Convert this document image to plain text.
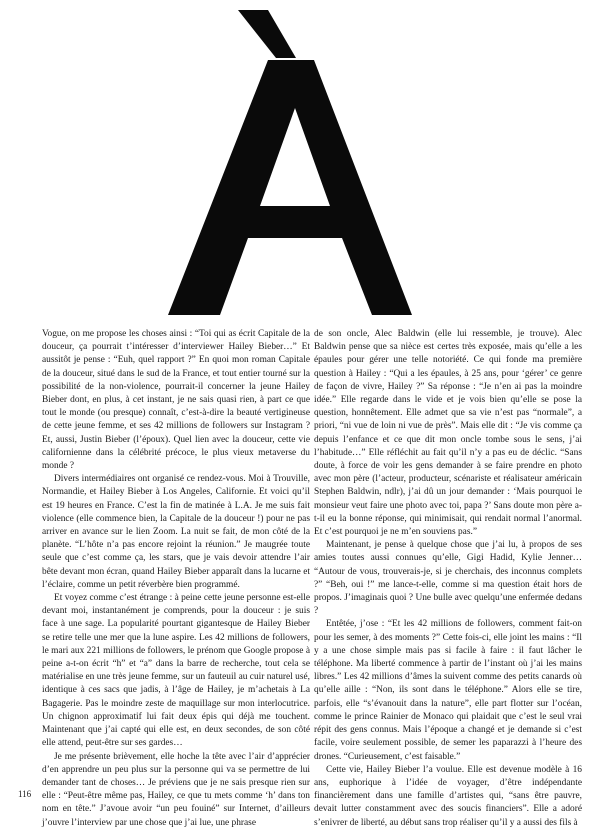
Vogue, on me propose les choses ainsi : “Toi qui as écrit Capitale de la douceur, ça pourrait t’intéresser d’interviewer Hailey Bieber…” Et aussitôt je pense : “Euh, quel rapport ?” En quoi mon roman Capitale de la douceur, situé dans le sud de la France, et tout entier tourné sur la possibilité de la non-violence, pourrait-il concerner la jeune Hailey Bieber dont, en plus, à cet instant, je ne sais quasi rien, à part ce que tout le monde (ou presque) connaît, c’est-à-dire la beauté vertigineuse de cette jeune femme, et ses 42 millions de followers sur Instagram ? Et, aussi, Justin Bieber (l’époux). Quel lien avec la douceur, cette vie californienne dans la célébrité précoce, le plus vieux metaverse du monde ?

Divers intermédiaires ont organisé ce rendez-vous. Moi à Trouville, Normandie, et Hailey Bieber à Los Angeles, Californie. Et voici qu’il est 19 heures en France. C’est la fin de matinée à L.A. Je me suis fait violence (elle commence bien, la Capitale de la douceur !) pour ne pas arriver en avance sur le lien Zoom. La nuit se fait, de mon côté de la planète. “L’hôte n’a pas encore rejoint la réunion.” Je maugrée toute seule que c’est comme ça, les stars, que je vais devoir attendre l’air bête devant mon écran, quand Hailey Bieber apparaît dans la lucarne et l’éclaire, comme un petit réverbère bien programmé.

Et voyez comme c’est étrange : à peine cette jeune personne est-elle devant moi, instantanément je comprends, pour la douceur : je suis face à une sage. La popularité pourtant gigantesque de Hailey Bieber se retire telle une mer que la lune aspire. Les 42 millions de followers, le mari aux 221 millions de followers, le prénom que Google propose à peine a-t-on écrit “h” et “a” dans la barre de recherche, tout cela se matérialise en une très jeune femme, sur un fauteuil au cuir naturel usé, identique à ces sacs que jadis, à l’âge de Hailey, je m’achetais à La Bagagerie. Pas le moindre zeste de maquillage sur mon interlocutrice. Un chignon approximatif lui fait deux épis qui déjà me touchent. Maintenant que j’ai capté qui elle est, en deux secondes, de son côté elle attend, peut-être sur ses gardes…

Je me présente brièvement, elle hoche la tête avec l’air d’apprécier d’en apprendre un peu plus sur la personne qui va se permettre de lui demander tant de choses… Je préviens que je ne sais presque rien sur elle : “Peut-être même pas, Hailey, ce que tu mets comme ‘h’ dans ton nom en tête.” J’avoue avoir “un peu fouiné” sur Internet, d’ailleurs j’ouvre l’interview par une chose que j’ai lue, une phrase

de son oncle, Alec Baldwin (elle lui ressemble, je trouve). Alec Baldwin pense que sa nièce est certes très exposée, mais qu’elle a les épaules pour gérer une telle notoriété. Ce qui fonde ma première question à Hailey : “Qui a les épaules, à 25 ans, pour ‘gérer’ ce genre de façon de vivre, Hailey ?” Sa réponse : “Je n’en ai pas la moindre idée.” Elle regarde dans le vide et je vois bien qu’elle se pose la question, honnêtement. Elle admet que sa vie n’est pas “normale”, a priori, “ni vue de loin ni vue de près”. Mais elle dit : “Je vis comme ça depuis l’enfance et ce que dit mon oncle tombe sous le sens, j’ai l’habitude…” Elle réfléchit au fait qu’il n’y a pas eu de déclic. “Sans doute, à force de voir les gens demander à se faire prendre en photo avec mon père (l’acteur, producteur, scénariste et réalisateur américain Stephen Baldwin, ndlr), j’ai dû un jour demander : ‘Mais pourquoi le monsieur veut faire une photo avec toi, papa ?’ Sans doute mon père a-t-il eu la bonne réponse, qui minimisait, qui rendait normal l’anormal. Et c’est pourquoi je ne m’en souviens pas.”

Maintenant, je pense à quelque chose que j’ai lu, à propos de ses amies toutes aussi connues qu’elle, Gigi Hadid, Kylie Jenner… “Autour de vous, trouverais-je, si je cherchais, des inconnus complets ?” “Beh, oui !” me lance-t-elle, comme si ma question était hors de propos. J’imaginais quoi ? Une bulle avec quelqu’une enfermée dedans ?

Entêtée, j’ose : “Et les 42 millions de followers, comment fait-on pour les semer, à des moments ?” Cette fois-ci, elle joint les mains : “Il y a une chose simple mais pas si facile à faire : il faut lâcher le téléphone. Ma liberté commence à partir de l’instant où j’ai les mains libres.” Les 42 millions d’âmes la suivent comme des petits canards où qu’elle aille : “Non, ils sont dans le téléphone.” Alors elle se tire, parfois, elle “s’évanouit dans la nature”, elle part flotter sur l’océan, comme le prince Rainier de Monaco qui plaidait que c’est le seul vrai répit des gens connus. Mais l’époque a changé et je demande si c’est facile, voire seulement possible, de semer les paparazzi à l’heure des drones. “Curieusement, c’est faisable.”

Cette vie, Hailey Bieber l’a voulue. Elle est devenue modèle à 16 ans, euphorique à l’idée de voyager, d’être indépendante financièrement dans une famille d’artistes qui, “sans être pauvre, devait lutter constamment avec des soucis financiers”. Elle a adoré s’enivrer de liberté, au début sans trop réaliser qu’il y a aussi des fils à

116
